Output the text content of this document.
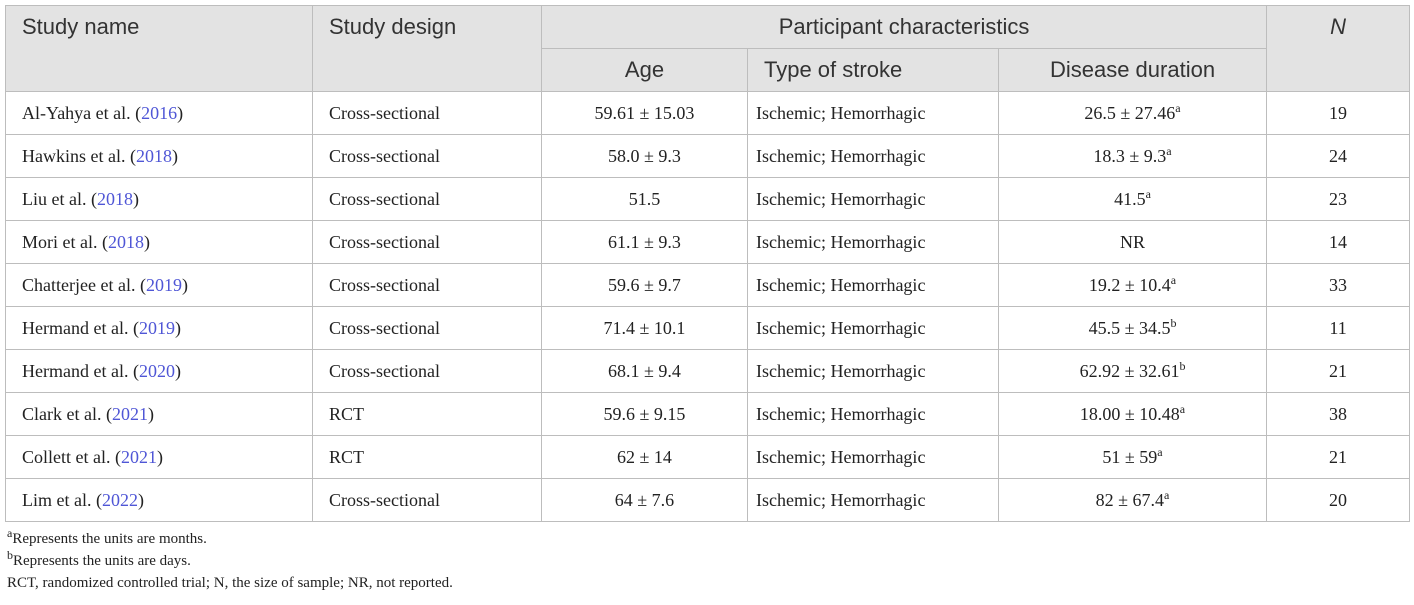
Study name	Study design	Participant characteristics			N
		Age	Type of stroke	Disease duration	
Al-Yahya et al. (2016)	Cross-sectional	59.61 ± 15.03	Ischemic; Hemorrhagic	26.5 ± 27.46$^a$	19
Hawkins et al. (2018)	Cross-sectional	58.0 ± 9.3	Ischemic; Hemorrhagic	18.3 ± 9.3$^a$	24
Liu et al. (2018)	Cross-sectional	51.5	Ischemic; Hemorrhagic	41.5$^a$	23
Mori et al. (2018)	Cross-sectional	61.1 ± 9.3	Ischemic; Hemorrhagic	NR	14
Chatterjee et al. (2019)	Cross-sectional	59.6 ± 9.7	Ischemic; Hemorrhagic	19.2 ± 10.4$^a$	33
Hermand et al. (2019)	Cross-sectional	71.4 ± 10.1	Ischemic; Hemorrhagic	45.5 ± 34.5$^b$	11
Hermand et al. (2020)	Cross-sectional	68.1 ± 9.4	Ischemic; Hemorrhagic	62.92 ± 32.61$^b$	21
Clark et al. (2021)	RCT	59.6 ± 9.15	Ischemic; Hemorrhagic	18.00 ± 10.48$^a$	38
Collett et al. (2021)	RCT	62 ± 14	Ischemic; Hemorrhagic	$51 \pm 59^a$	21
Lim et al. (2022)	Cross-sectional	64 ± 7.6	Ischemic; Hemorrhagic	82 ± 67.4$^a$	20
$^a$Represents the units are months.
$^b$Represents the units are days.
RCT, randomized controlled trial; N, the size of sample; NR, not reported.
